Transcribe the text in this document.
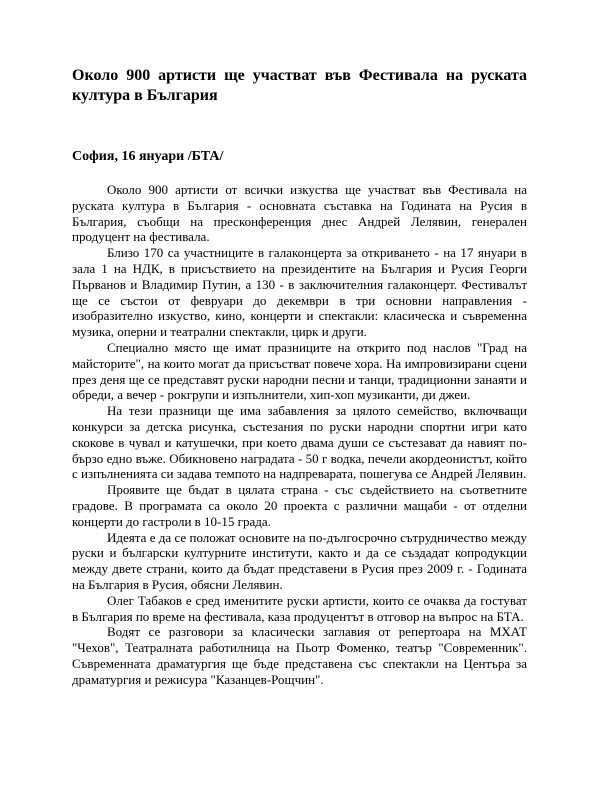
Около 900 артисти ще участват във Фестивала на руската култура в България
София, 16 януари /БТА/

Около 900 артисти от всички изкуства ще участват във Фестивала на руската култура в България - основната съставка на Годината на Русия в България, съобщи на пресконференция днес Андрей Лелявин, генерален продуцент на фестивала.

Близо 170 са участниците в галаконцерта за откриването - на 17 януари в зала 1 на НДК, в присъствието на президентите на България и Русия Георги Първанов и Владимир Путин, а 130 - в заключителния галаконцерт. Фестивалът ще се състои от февруари до декември в три основни направления - изобразително изкуство, кино, концерти и спектакли: класическа и съвременна музика, оперни и театрални спектакли, цирк и други.

Специално място ще имат празниците на открито под наслов "Град на майсторите", на които могат да присъстват повече хора. На импровизирани сцени през деня ще се представят руски народни песни и танци, традиционни занаяти и обреди, а вечер - рокгрупи и изпълнители, хип-хоп музиканти, ди джеи.

На тези празници ще има забавления за цялото семейство, включващи конкурси за детска рисунка, състезания по руски народни спортни игри като скокове в чувал и катушечки, при което двама души се състезават да навият по-бързо едно въже. Обикновено наградата - 50 г водка, печели акордеонистът, който с изпълненията си задава темпото на надпреварата, пошегува се Андрей Лелявин.

Проявите ще бъдат в цялата страна - със съдействието на съответните градове. В програмата са около 20 проекта с различни мащаби - от отделни концерти до гастроли в 10-15 града.

Идеята е да се положат основите на по-дългосрочно сътрудничество между руски и български културните институти, както и да се създадат копродукции между двете страни, които да бъдат представени в Русия през 2009 г. - Годината на България в Русия, обясни Лелявин.

Олег Табаков е сред именитите руски артисти, които се очаква да гостуват в България по време на фестивала, каза продуцентът в отговор на въпрос на БТА.

Водят се разговори за класически заглавия от репертоара на МХАТ "Чехов", Театралната работилница на Пьотр Фоменко, театър "Современник". Съвременната драматургия ще бъде представена със спектакли на Центъра за драматургия и режисура "Казанцев-Рощчин".
